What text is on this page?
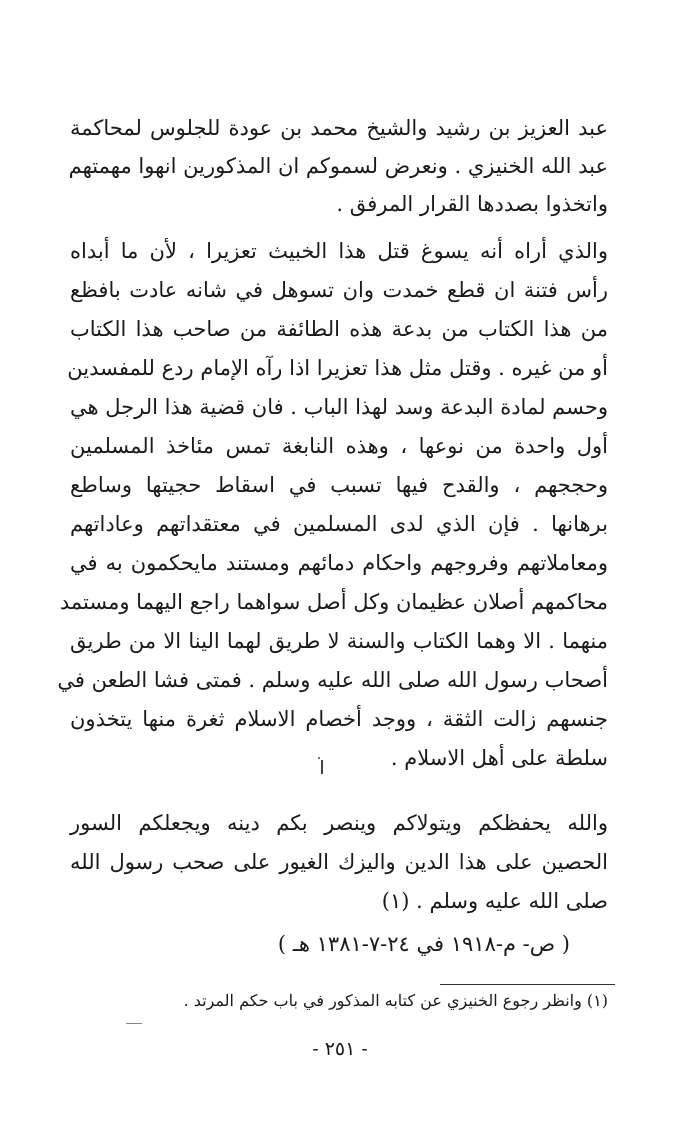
عبد العزيز بن رشيد والشيخ محمد بن عودة للجلوس لمحاكمة
عبد الله الخنيزي . ونعرض لسموكم ان المذكورين انهوا مهمتهم
واتخذوا بصددها القرار المرفق .
والذي أراه أنه يسوغ قتل هذا الخبيث تعزيرا ، لأن ما أبداه
رأس فتنة ان قطع خمدت وان تسوهل في شانه عادت بافظع
من هذا الكتاب من بدعة هذه الطائفة من صاحب هذا الكتاب
أو من غيره . وقتل مثل هذا تعزيرا اذا رآه الإمام ردع للمفسدين
وحسم لمادة البدعة وسد لهذا الباب . فان قضية هذا الرجل هي
أول واحدة من نوعها ، وهذه النابغة تمس مئاخذ المسلمين
وحججهم ، والقدح فيها تسبب في اسقاط حجيتها وساطع
برهانها . فإن الذي لدى المسلمين في معتقداتهم وعاداتهم
ومعاملاتهم وفروجهم واحكام دمائهم ومستند مايحكمون به في
محاكمهم أصلان عظيمان وكل أصل سواهما راجع اليهما ومستمد
منهما . الا وهما الكتاب والسنة لا طريق لهما الينا الا من طريق
أصحاب رسول الله صلى الله عليه وسلم . فمتى فشا الطعن في
جنسهم زالت الثقة ، ووجد أخصام الاسلام ثغرة منها يتخذون
سلطة على أهل الاسلام .
والله يحفظكم ويتولاكم وينصر بكم دينه ويجعلكم السور
الحصين على هذا الدين واليزك الغيور على صحب رسول الله
صلى الله عليه وسلم . (١)
( ص- م-١٩١٨ في ٢٤-٧-١٣٨١ هـ )
(١) وانظر رجوع الخنيزي عن كتابه المذكور في باب حكم المرتد .
- ٢٥١ -
